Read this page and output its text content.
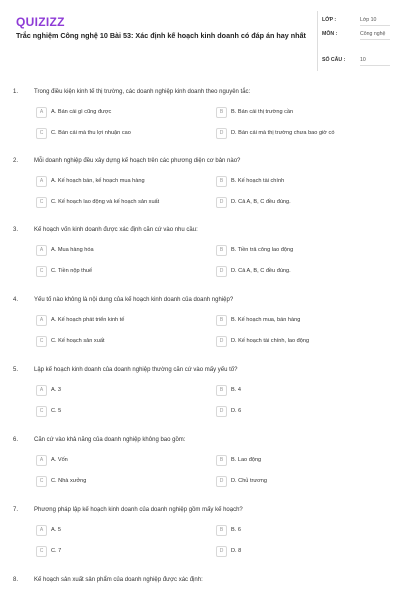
QUIZIZZ
Trắc nghiệm Công nghệ 10 Bài 53: Xác định kế hoạch kinh doanh có đáp án hay nhất
LỚP :	Lớp 10
MÔN :	Công nghệ
SỐ CÂU :	10
1.	Trong điều kiện kinh tế thị trường, các doanh nghiệp kinh doanh theo nguyên tắc:
A	A. Bán cái gì cũng được	B	B. Bán cái thị trường cần
C	C. Bán cái mà thu lợi nhuận cao	D	D. Bán cái mà thị trường chưa bao giờ có
2.	Mỗi doanh nghiệp đều xây dựng kế hoạch trên các phương diện cơ bản nào?
A	A. Kế hoạch bán, kế hoạch mua hàng	B	B. Kế hoạch tài chính
C	C. Kế hoạch lao động và kế hoạch sản xuất	D	D. Cả A, B, C đều đúng.
3.	Kế hoạch vốn kinh doanh được xác định căn cứ vào nhu cầu:
A	A. Mua hàng hóa	B	B. Tiền trả công lao động
C	C. Tiền nộp thuế	D	D. Cả A, B, C đều đúng.
4.	Yếu tố nào không là nội dung của kế hoạch kinh doanh của doanh nghiệp?
A	A. Kế hoạch phát triển kinh tế	B	B. Kế hoạch mua, bán hàng
C	C. Kế hoạch sản xuất	D	D. Kế hoạch tài chính, lao động
5.	Lập kế hoạch kinh doanh của doanh nghiệp thường căn cứ vào mấy yếu tố?
A	A. 3	B	B. 4
C	C. 5	D	D. 6
6.	Căn cứ vào khả năng của doanh nghiệp không bao gồm:
A	A. Vốn	B	B. Lao động
C	C. Nhà xưởng	D	D. Chủ trương
7.	Phương pháp lập kế hoạch kinh doanh của doanh nghiệp gồm mấy kế hoạch?
A	A. 5	B	B. 6
C	C. 7	D	D. 8
8.	Kế hoạch sản xuất sản phẩm của doanh nghiệp được xác định:
